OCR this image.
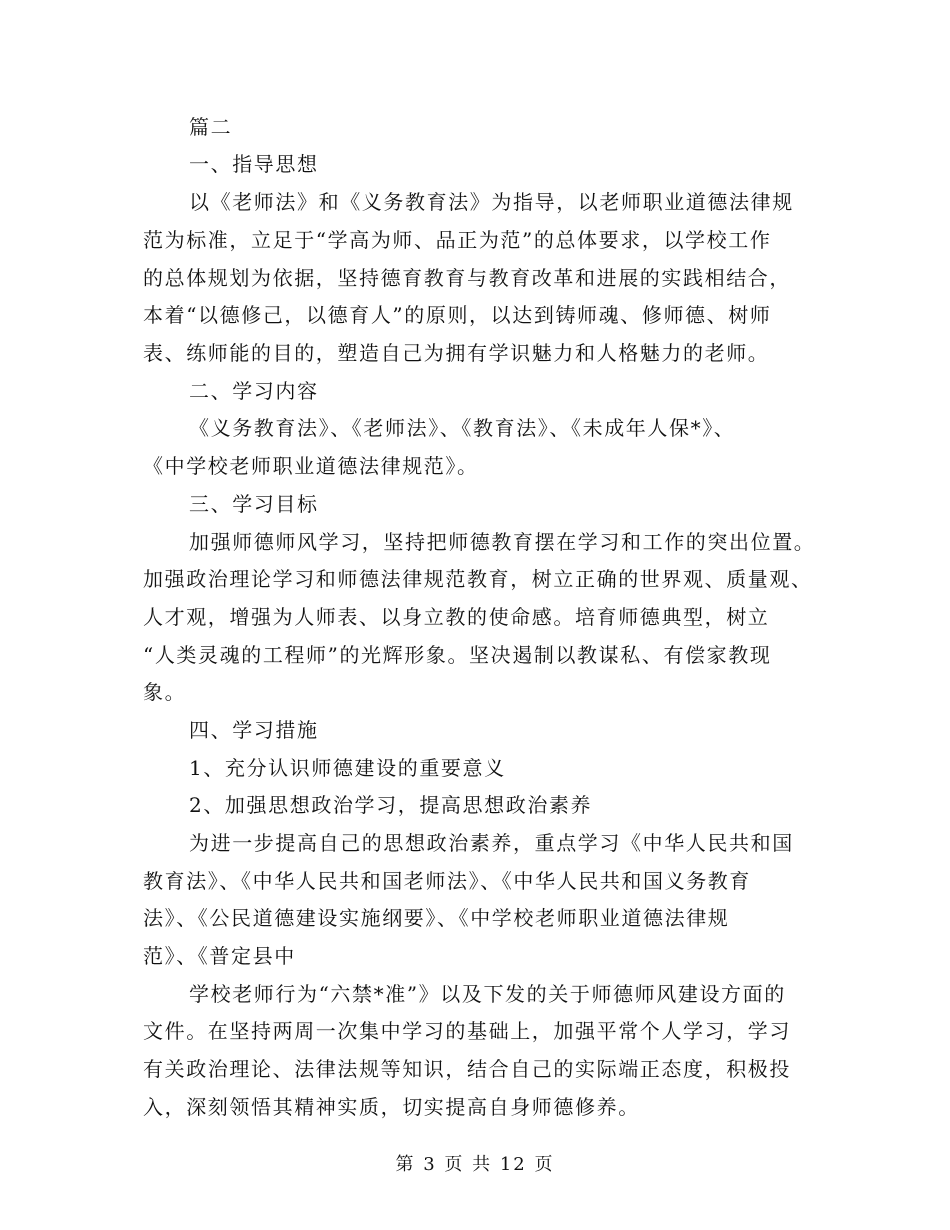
篇二
一、指导思想
以《老师法》和《义务教育法》为指导，以老师职业道德法律规
范为标准，立足于“学高为师、品正为范”的总体要求，以学校工作
的总体规划为依据，坚持德育教育与教育改革和进展的实践相结合，
本着“以德修己，以德育人”的原则，以达到铸师魂、修师德、树师
表、练师能的目的，塑造自己为拥有学识魅力和人格魅力的老师。
二、学习内容
《义务教育法》、《老师法》、《教育法》、《未成年人保*》、
《中学校老师职业道德法律规范》。
三、学习目标
加强师德师风学习，坚持把师德教育摆在学习和工作的突出位置。
加强政治理论学习和师德法律规范教育，树立正确的世界观、质量观、
人才观，增强为人师表、以身立教的使命感。培育师德典型，树立
“人类灵魂的工程师”的光辉形象。坚决遏制以教谋私、有偿家教现
象。
四、学习措施
1、充分认识师德建设的重要意义
2、加强思想政治学习，提高思想政治素养
为进一步提高自己的思想政治素养，重点学习《中华人民共和国
教育法》、《中华人民共和国老师法》、《中华人民共和国义务教育
法》、《公民道德建设实施纲要》、《中学校老师职业道德法律规
范》、《普定县中
学校老师行为“六禁*准”》以及下发的关于师德师风建设方面的
文件。在坚持两周一次集中学习的基础上，加强平常个人学习，学习
有关政治理论、法律法规等知识，结合自己的实际端正态度，积极投
入，深刻领悟其精神实质，切实提高自身师德修养。
第 3 页 共 12 页
